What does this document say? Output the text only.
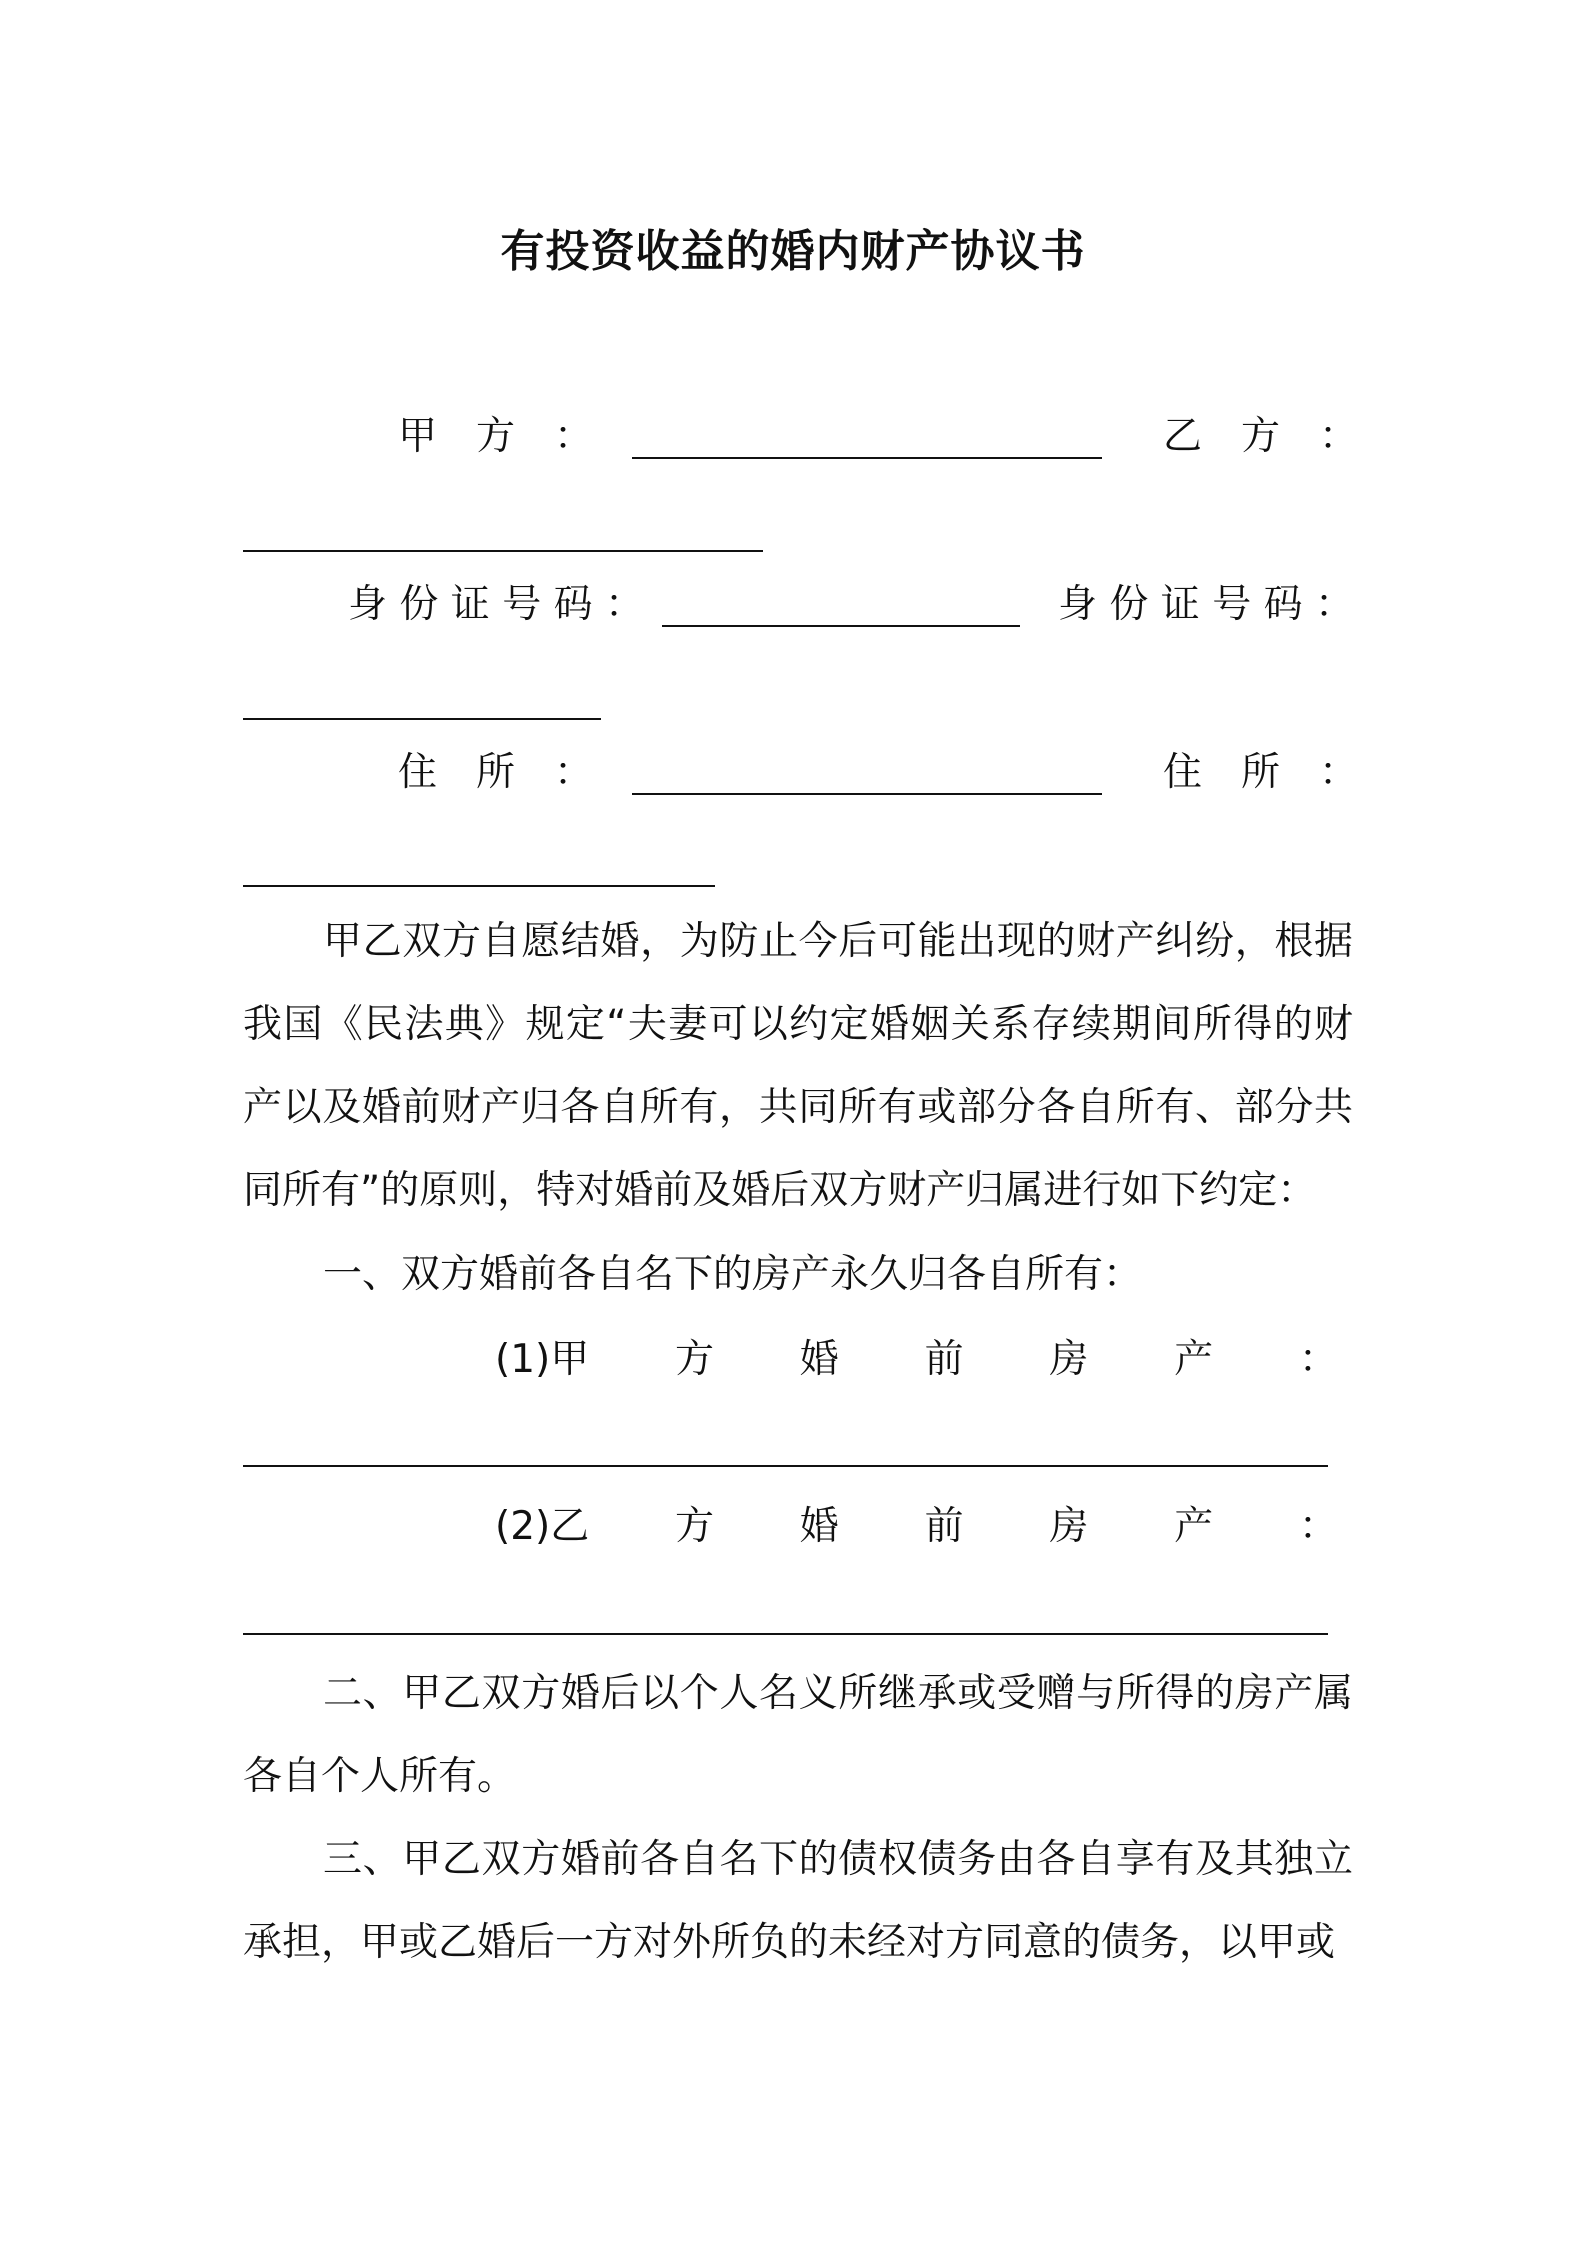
有投资收益的婚内财产协议书
甲　方　：	乙　方　：
身 份 证 号 码 ：	身 份 证 号 码 ：
住　所　：	住　所　：

甲乙双方自愿结婚，为防止今后可能出现的财产纠纷，根据我国《民法典》规定“夫妻可以约定婚姻关系存续期间所得的财产以及婚前财产归各自所有，共同所有或部分各自所有、部分共同所有”的原则，特对婚前及婚后双方财产归属进行如下约定：

一、双方婚前各自名下的房产永久归各自所有：
(1)甲 方 婚 前 房 产 ：
(2)乙 方 婚 前 房 产 ：

二、甲乙双方婚后以个人名义所继承或受赠与所得的房产属各自个人所有。

三、甲乙双方婚前各自名下的债权债务由各自享有及其独立承担，甲或乙婚后一方对外所负的未经对方同意的债务，以甲或
